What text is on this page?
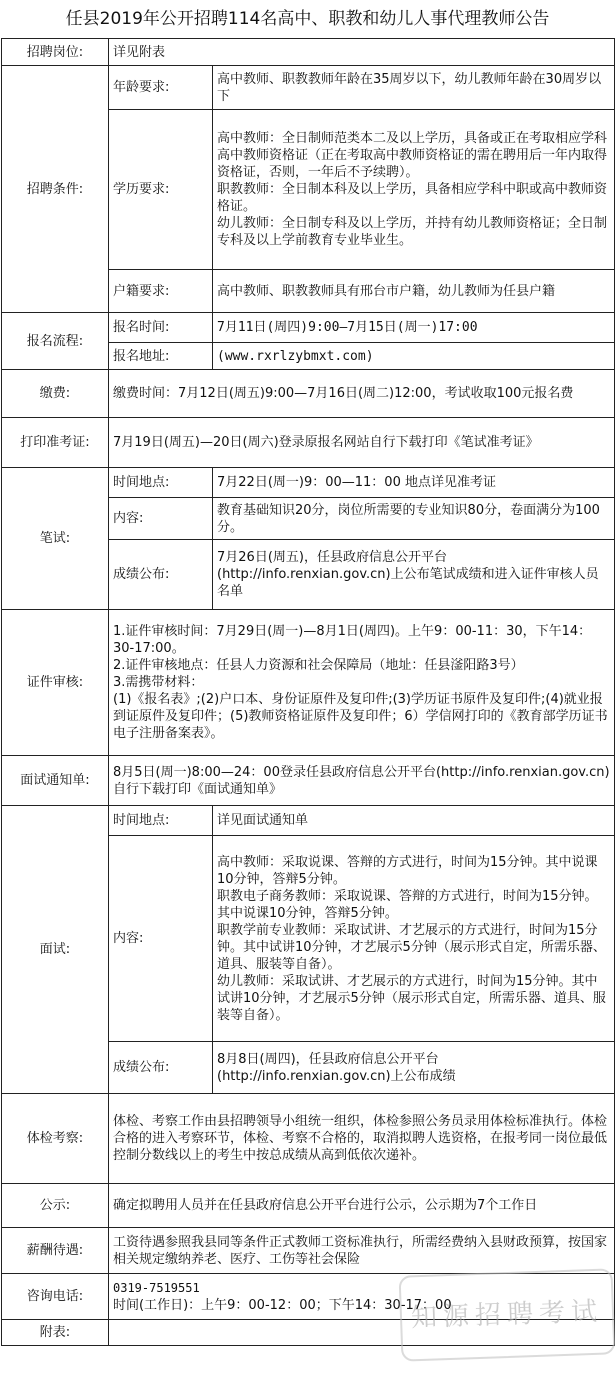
任县2019年公开招聘114名高中、职教和幼儿人事代理教师公告
招聘岗位:	详见附表	
招聘条件:	年龄要求:	高中教师、职教教师年龄在35周岁以下，幼儿教师年龄在30周岁以下
	学历要求:	高中教师：全日制师范类本二及以上学历，具备或正在考取相应学科高中教师资格证（正在考取高中教师资格证的需在聘用后一年内取得资格证，否则，一年后不予续聘）。
职教教师：全日制本科及以上学历，具备相应学科中职或高中教师资格证。
幼儿教师：全日制专科及以上学历，并持有幼儿教师资格证；全日制专科及以上学前教育专业毕业生。
	户籍要求:	高中教师、职教教师具有邢台市户籍，幼儿教师为任县户籍
报名流程:	报名时间:	7月11日(周四)9:00—7月15日(周一)17:00
	报名地址:	(www.rxrlzybmxt.com)
缴费:	缴费时间：7月12日(周五)9:00—7月16日(周二)12:00，考试收取100元报名费	
打印准考证:	7月19日(周五)—20日(周六)登录原报名网站自行下载打印《笔试准考证》	
笔试:	时间地点:	7月22日(周一)9：00—11：00 地点详见准考证
	内容:	教育基础知识20分，岗位所需要的专业知识80分，卷面满分为100分。
	成绩公布:	7月26日(周五)，任县政府信息公开平台(http://info.renxian.gov.cn)上公布笔试成绩和进入证件审核人员名单
证件审核:	1.证件审核时间：7月29日(周一)—8月1日(周四)。上午9：00-11：30，下午14：30-17:00。
2.证件审核地点：任县人力资源和社会保障局（地址：任县滏阳路3号）
3.需携带材料：
(1)《报名表》;(2)户口本、身份证原件及复印件;(3)学历证书原件及复印件;(4)就业报到证原件及复印件；(5)教师资格证原件及复印件；6）学信网打印的《教育部学历证书电子注册备案表》。	
面试通知单:	8月5日(周一)8:00—24：00登录任县政府信息公开平台(http://info.renxian.gov.cn)自行下载打印《面试通知单》	
面试:	时间地点:	详见面试通知单
	内容:	高中教师：采取说课、答辩的方式进行，时间为15分钟。其中说课10分钟，答辩5分钟。
职教电子商务教师：采取说课、答辩的方式进行，时间为15分钟。其中说课10分钟，答辩5分钟。
职教学前专业教师：采取试讲、才艺展示的方式进行，时间为15分钟。其中试讲10分钟，才艺展示5分钟（展示形式自定，所需乐器、道具、服装等自备）。
幼儿教师：采取试讲、才艺展示的方式进行，时间为15分钟。其中试讲10分钟，才艺展示5分钟（展示形式自定，所需乐器、道具、服装等自备）。
	成绩公布:	8月8日(周四)，任县政府信息公开平台(http://info.renxian.gov.cn)上公布成绩
体检考察:	体检、考察工作由县招聘领导小组统一组织，体检参照公务员录用体检标准执行。体检合格的进入考察环节，体检、考察不合格的，取消拟聘人选资格，在报考同一岗位最低控制分数线以上的考生中按总成绩从高到低依次递补。	
公示:	确定拟聘用人员并在任县政府信息公开平台进行公示，公示期为7个工作日	
薪酬待遇:	工资待遇参照我县同等条件正式教师工资标准执行，所需经费纳入县财政预算，按国家相关规定缴纳养老、医疗、工伤等社会保险	
咨询电话:	0319-7519551
时间(工作日)：上午9：00-12：00；下午14：30-17：00	

附表:			知源招聘考试
